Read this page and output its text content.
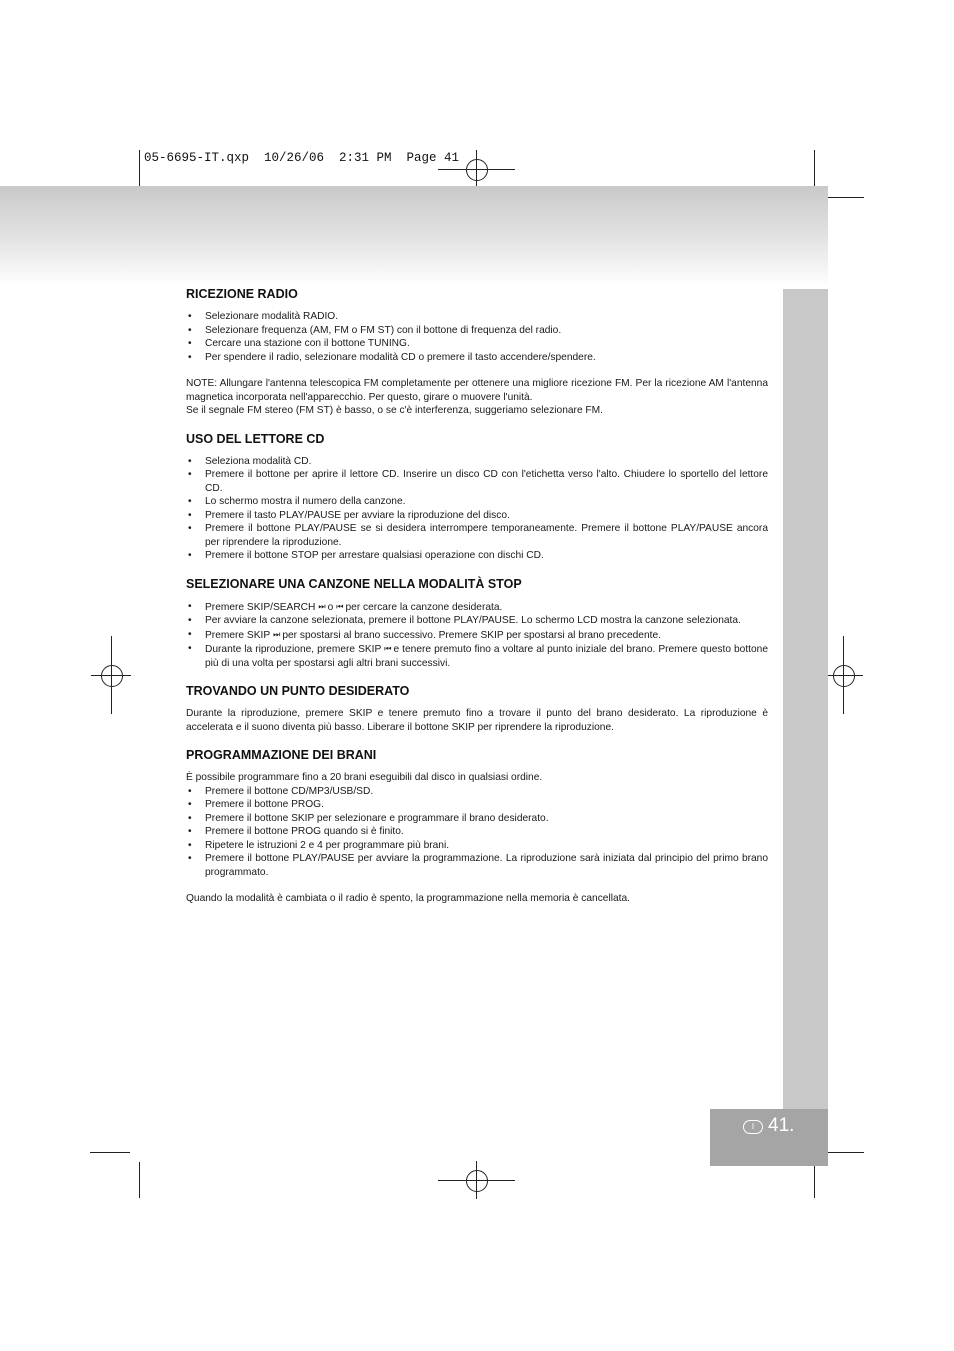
05-6695-IT.qxp  10/26/06  2:31 PM  Page 41
I 41.
RICEZIONE RADIO
• Selezionare modalità RADIO.
• Selezionare frequenza (AM, FM o FM ST) con il bottone di frequenza del radio.
• Cercare una stazione con il bottone TUNING.
• Per spendere il radio, selezionare modalità CD o premere il tasto accendere/spendere.

NOTE: Allungare l'antenna telescopica FM completamente per ottenere una migliore ricezione FM. Per la ricezione AM l'antenna magnetica incorporata nell'apparecchio. Per questo, girare o muovere l'unità.

Se il segnale FM stereo (FM ST) è basso, o se c'è interferenza, suggeriamo selezionare FM.

USO DEL LETTORE CD
• Seleziona modalità CD.
• Premere il bottone per aprire il lettore CD. Inserire un disco CD con l'etichetta verso l'alto. Chiudere lo sportello del lettore CD.
• Lo schermo mostra il numero della canzone.
• Premere il tasto PLAY/PAUSE per avviare la riproduzione del disco.
• Premere il bottone PLAY/PAUSE se si desidera interrompere temporaneamente. Premere il bottone PLAY/PAUSE ancora per riprendere la riproduzione.
• Premere il bottone STOP per arrestare qualsiasi operazione con dischi CD.
SELEZIONARE UNA CANZONE NELLA MODALITÀ STOP
• Premere SKIP/SEARCH ⏭ o ⏮ per cercare la canzone desiderata.
• Per avviare la canzone selezionata, premere il bottone PLAY/PAUSE. Lo schermo LCD mostra la canzone selezionata.
• Premere SKIP ⏭ per spostarsi al brano successivo. Premere SKIP per spostarsi al brano precedente.
• Durante la riproduzione, premere SKIP ⏮ e tenere premuto fino a voltare al punto iniziale del brano. Premere questo bottone più di una volta per spostarsi agli altri brani successivi.
TROVANDO UN PUNTO DESIDERATO

Durante la riproduzione, premere SKIP e tenere premuto fino a trovare il punto del brano desiderato. La riproduzione è accelerata e il suono diventa più basso. Liberare il bottone SKIP per riprendere la riproduzione.

PROGRAMMAZIONE DEI BRANI

È possibile programmare fino a 20 brani eseguibili dal disco in qualsiasi ordine.

• Premere il bottone CD/MP3/USB/SD.
• Premere il bottone PROG.
• Premere il bottone SKIP per selezionare e programmare il brano desiderato.
• Premere il bottone PROG quando si è finito.
• Ripetere le istruzioni 2 e 4 per programmare più brani.
• Premere il bottone PLAY/PAUSE per avviare la programmazione. La riproduzione sarà iniziata dal principio del primo brano programmato.

Quando la modalità è cambiata o il radio è spento, la programmazione nella memoria è cancellata.
